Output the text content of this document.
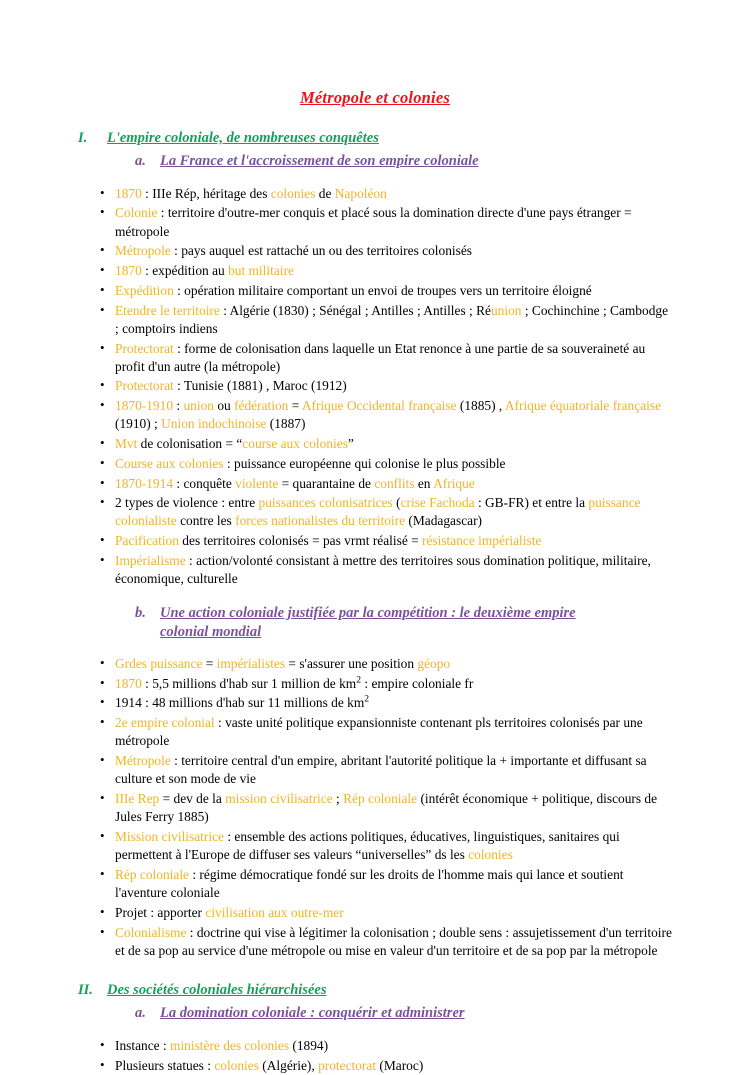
Métropole et colonies
I.	L'empire coloniale, de nombreuses conquêtes
a. La France et l'accroissement de son empire coloniale
• 1870 : IIIe Rép, héritage des colonies de Napoléon
• Colonie : territoire d'outre-mer conquis et placé sous la domination directe d'une pays étranger = métropole
• Métropole : pays auquel est rattaché un ou des territoires colonisés
• 1870 : expédition au but militaire
• Expédition : opération militaire comportant un envoi de troupes vers un territoire éloigné
• Etendre le territoire : Algérie (1830) ; Sénégal ; Antilles ; Antilles ; Réunion ; Cochinchine ; Cambodge ; comptoirs indiens
• Protectorat : forme de colonisation dans laquelle un Etat renonce à une partie de sa souveraineté au profit d'un autre (la métropole)
• Protectorat : Tunisie (1881) , Maroc (1912)
• 1870-1910 : union ou fédération = Afrique Occidental française (1885) , Afrique équatoriale française (1910) ; Union indochinoise (1887)
• Mvt de colonisation = “course aux colonies”
• Course aux colonies : puissance européenne qui colonise le plus possible
• 1870-1914 : conquête violente = quarantaine de conflits en Afrique
• 2 types de violence : entre puissances colonisatrices (crise Fachoda : GB-FR) et entre la puissance colonialiste contre les forces nationalistes du territoire (Madagascar)
• Pacification des territoires colonisés = pas vrmt réalisé = résistance impérialiste
• Impérialisme : action/volonté consistant à mettre des territoires sous domination politique, militaire, économique, culturelle
b. Une action coloniale justifiée par la compétition : le deuxième empire colonial mondial
• Grdes puissance = impérialistes = s'assurer une position géopo
• 1870 : 5,5 millions d'hab sur 1 million de $km^2$ : empire coloniale fr
• 1914 : 48 millions d'hab sur 11 millions de $km^2$
• 2e empire colonial : vaste unité politique expansionniste contenant pls territoires colonisés par une métropole
• Métropole : territoire central d'un empire, abritant l'autorité politique la + importante et diffusant sa culture et son mode de vie
• IIIe Rep = dev de la mission civilisatrice ; Rép coloniale (intérêt économique + politique, discours de Jules Ferry 1885)
• Mission civilisatrice : ensemble des actions politiques, éducatives, linguistiques, sanitaires qui permettent à l'Europe de diffuser ses valeurs “universelles” ds les colonies
• Rép coloniale : régime démocratique fondé sur les droits de l'homme mais qui lance et soutient l'aventure coloniale
• Projet : apporter civilisation aux outre-mer
• Colonialisme : doctrine qui vise à légitimer la colonisation ; double sens : assujetissement d'un territoire et de sa pop au service d'une métropole ou mise en valeur d'un territoire et de sa pop par la métropole
II. Des sociétés coloniales hiérarchisées
a. La domination coloniale : conquérir et administrer
• Instance : ministère des colonies (1894)
• Plusieurs statues : colonies (Algérie), protectorat (Maroc)
